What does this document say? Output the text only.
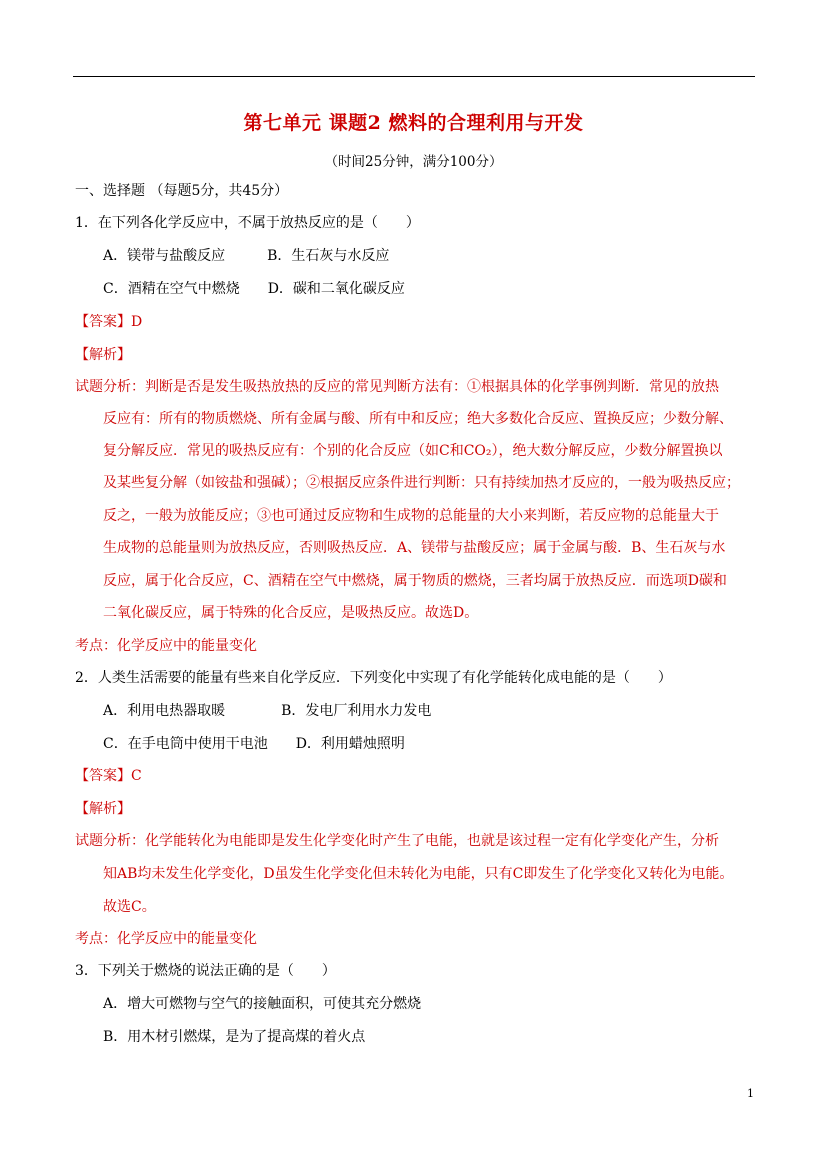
第七单元 课题2 燃料的合理利用与开发
（时间25分钟，满分100分）
一、选择题 （每题5分，共45分）
1．在下列各化学反应中，不属于放热反应的是（　　）
A．镁带与盐酸反应　　　B．生石灰与水反应
C．酒精在空气中燃烧　　D．碳和二氧化碳反应
【答案】D
【解析】
试题分析：判断是否是发生吸热放热的反应的常见判断方法有：①根据具体的化学事例判断．常见的放热
反应有：所有的物质燃烧、所有金属与酸、所有中和反应；绝大多数化合反应、置换反应；少数分解、
复分解反应．常见的吸热反应有：个别的化合反应（如C和CO₂），绝大数分解反应，少数分解置换以
及某些复分解（如铵盐和强碱）；②根据反应条件进行判断：只有持续加热才反应的，一般为吸热反应；
反之，一般为放能反应；③也可通过反应物和生成物的总能量的大小来判断，若反应物的总能量大于
生成物的总能量则为放热反应，否则吸热反应．A、镁带与盐酸反应；属于金属与酸．B、生石灰与水
反应，属于化合反应，C、酒精在空气中燃烧，属于物质的燃烧，三者均属于放热反应．而选项D碳和
二氧化碳反应，属于特殊的化合反应，是吸热反应。故选D。
考点：化学反应中的能量变化
2．人类生活需要的能量有些来自化学反应．下列变化中实现了有化学能转化成电能的是（　　）
A．利用电热器取暖　　　　B．发电厂利用水力发电
C．在手电筒中使用干电池　　D．利用蜡烛照明
【答案】C
【解析】
试题分析：化学能转化为电能即是发生化学变化时产生了电能，也就是该过程一定有化学变化产生，分析
知AB均未发生化学变化，D虽发生化学变化但未转化为电能，只有C即发生了化学变化又转化为电能。
故选C。
考点：化学反应中的能量变化
3．下列关于燃烧的说法正确的是（　　）
A．增大可燃物与空气的接触面积，可使其充分燃烧
B．用木材引燃煤，是为了提高煤的着火点
1
